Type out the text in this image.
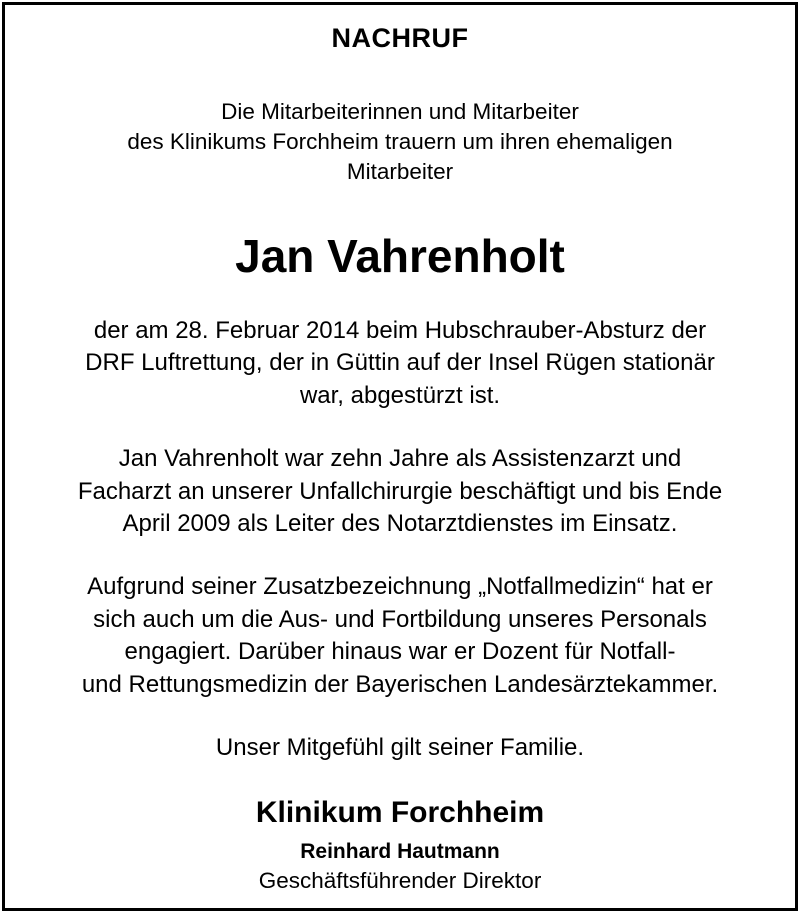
NACHRUF
Die Mitarbeiterinnen und Mitarbeiter
des Klinikums Forchheim trauern um ihren ehemaligen
Mitarbeiter
Jan Vahrenholt
der am 28. Februar 2014 beim Hubschrauber-Absturz der
DRF Luftrettung, der in Güttin auf der Insel Rügen stationär
war, abgestürzt ist.
Jan Vahrenholt war zehn Jahre als Assistenzarzt und
Facharzt an unserer Unfallchirurgie beschäftigt und bis Ende
April 2009 als Leiter des Notarztdienstes im Einsatz.
Aufgrund seiner Zusatzbezeichnung „Notfallmedizin“ hat er
sich auch um die Aus- und Fortbildung unseres Personals
engagiert. Darüber hinaus war er Dozent für Notfall-
und Rettungsmedizin der Bayerischen Landesärztekammer.
Unser Mitgefühl gilt seiner Familie.
Klinikum Forchheim
Reinhard Hautmann
Geschäftsführender Direktor
